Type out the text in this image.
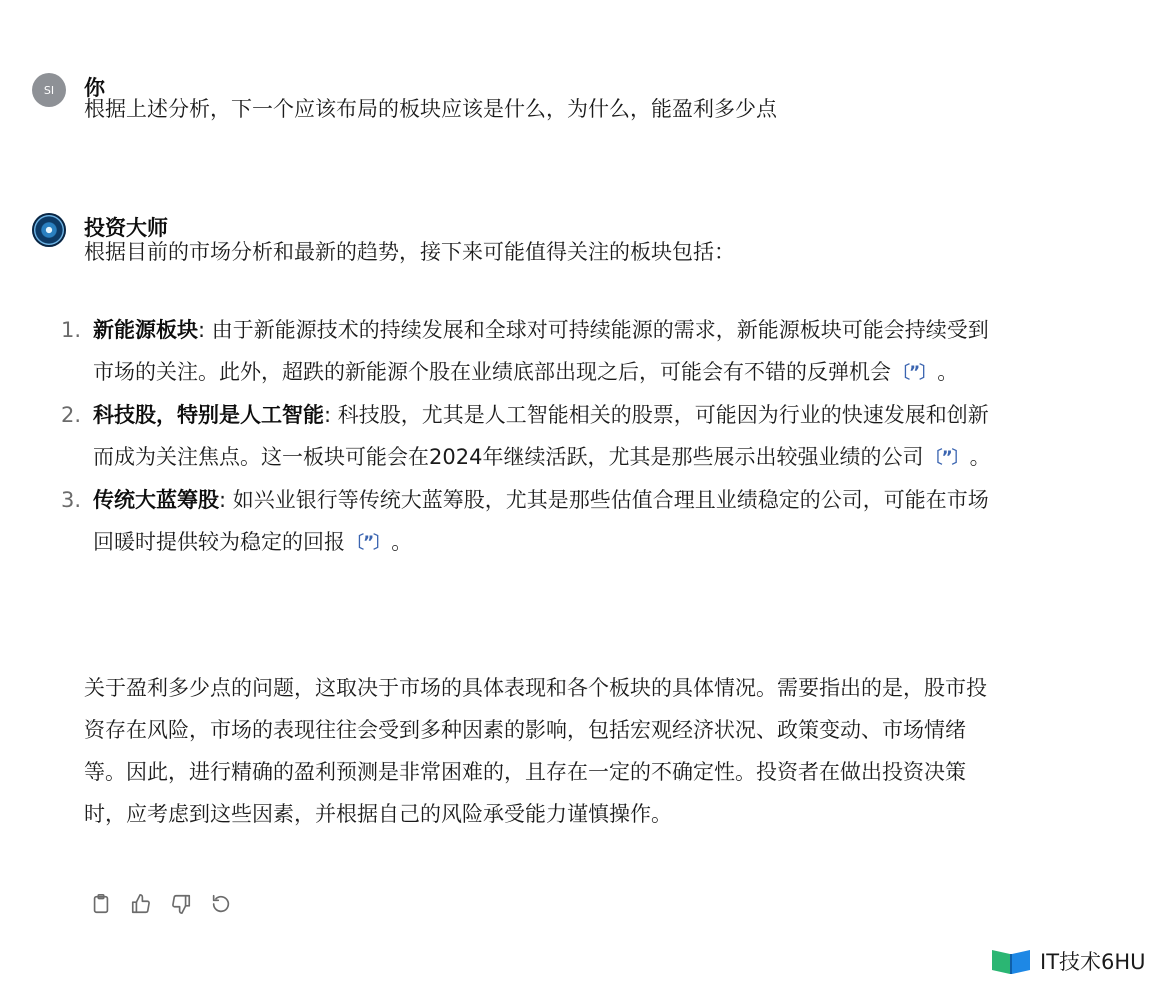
SI 你
根据上述分析，下一个应该布局的板块应该是什么，为什么，能盈利多少点
投资大师
根据目前的市场分析和最新的趋势，接下来可能值得关注的板块包括：
1. 新能源板块: 由于新能源技术的持续发展和全球对可持续能源的需求，新能源板块可能会持续受到市场的关注。此外，超跌的新能源个股在业绩底部出现之后，可能会有不错的反弹机会 〔”〕。
2. 科技股，特别是人工智能: 科技股，尤其是人工智能相关的股票，可能因为行业的快速发展和创新而成为关注焦点。这一板块可能会在2024年继续活跃，尤其是那些展示出较强业绩的公司 〔”〕。
3. 传统大蓝筹股: 如兴业银行等传统大蓝筹股，尤其是那些估值合理且业绩稳定的公司，可能在市场回暖时提供较为稳定的回报 〔”〕。
关于盈利多少点的问题，这取决于市场的具体表现和各个板块的具体情况。需要指出的是，股市投资存在风险，市场的表现往往会受到多种因素的影响，包括宏观经济状况、政策变动、市场情绪等。因此，进行精确的盈利预测是非常困难的，且存在一定的不确定性。投资者在做出投资决策时，应考虑到这些因素，并根据自己的风险承受能力谨慎操作。
IT技术6HU
